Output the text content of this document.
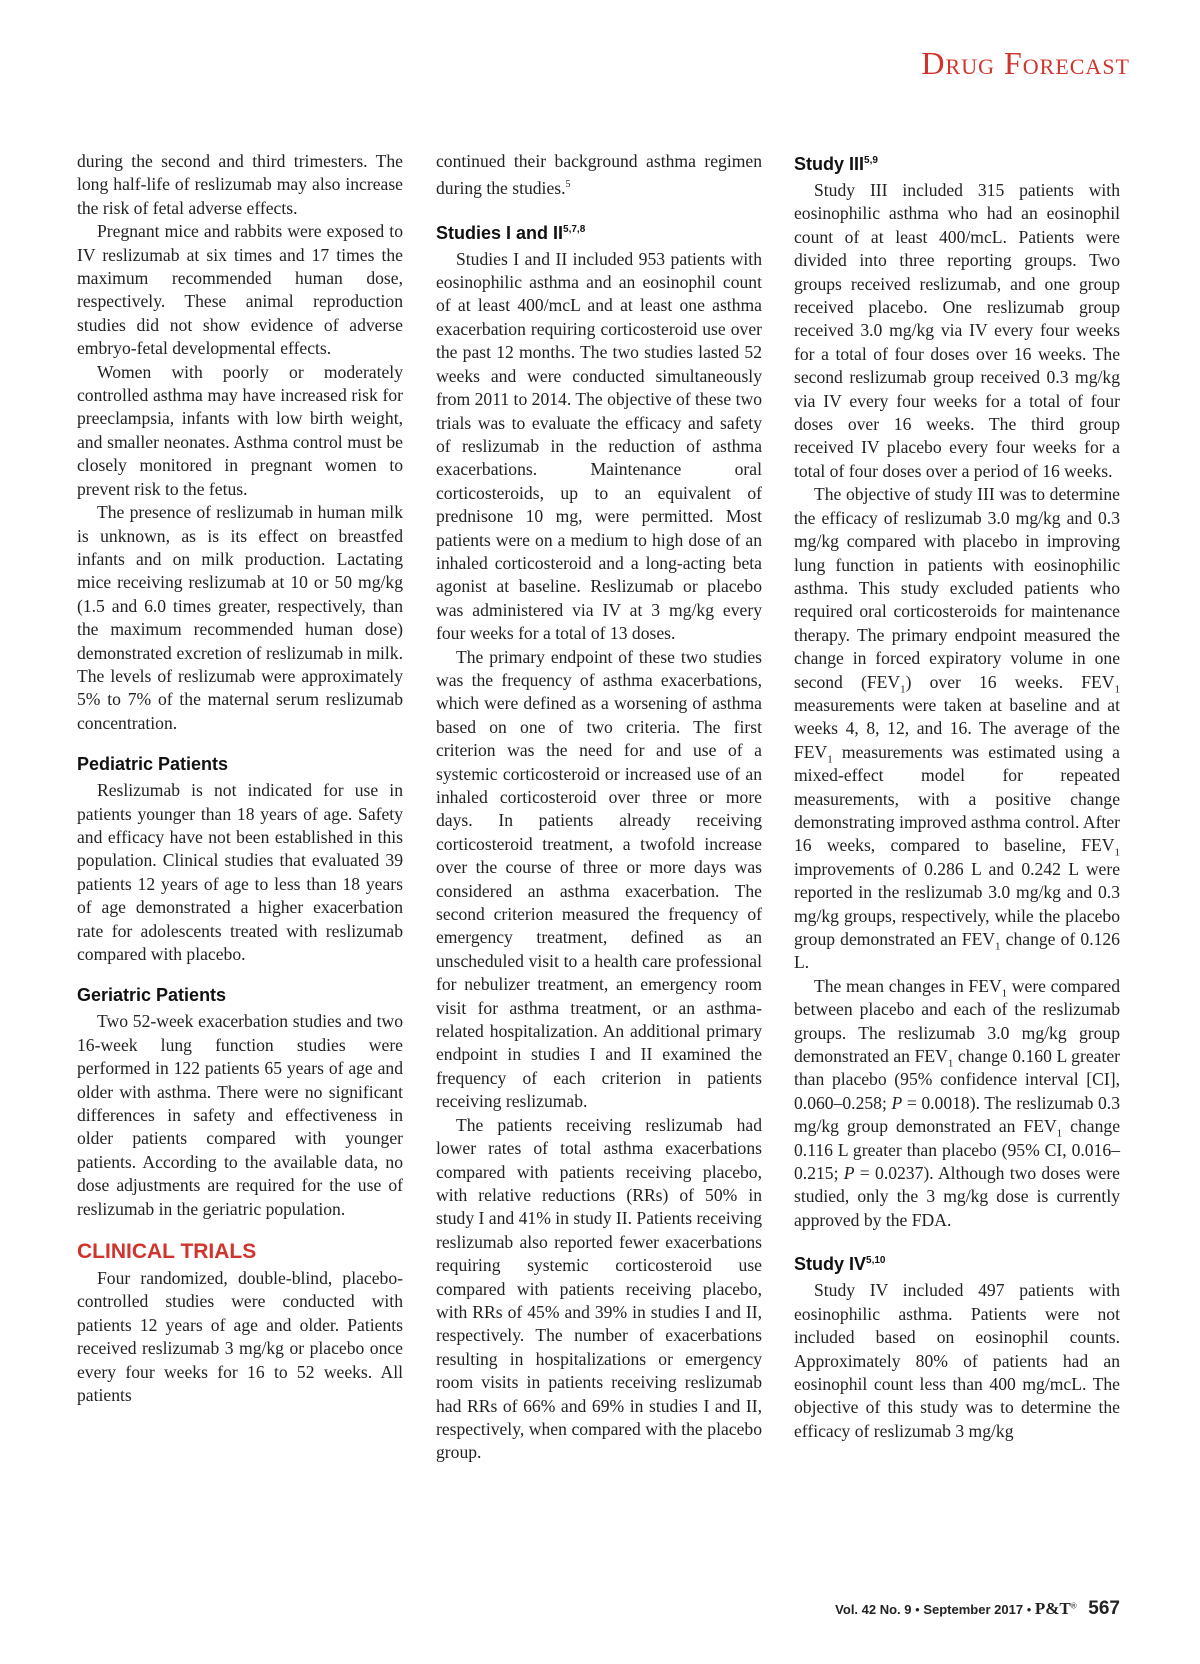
Drug Forecast

during the second and third trimesters. The long half-life of reslizumab may also increase the risk of fetal adverse effects.

Pregnant mice and rabbits were exposed to IV reslizumab at six times and 17 times the maximum recommended human dose, respectively. These animal reproduction studies did not show evidence of adverse embryo-fetal developmental effects.

Women with poorly or moderately controlled asthma may have increased risk for preeclampsia, infants with low birth weight, and smaller neonates. Asthma control must be closely monitored in pregnant women to prevent risk to the fetus.

The presence of reslizumab in human milk is unknown, as is its effect on breastfed infants and on milk production. Lactating mice receiving reslizumab at 10 or 50 mg/kg (1.5 and 6.0 times greater, respectively, than the maximum recommended human dose) demonstrated excretion of reslizumab in milk. The levels of reslizumab were approximately 5% to 7% of the maternal serum reslizumab concentration.

Pediatric Patients

Reslizumab is not indicated for use in patients younger than 18 years of age. Safety and efficacy have not been established in this population. Clinical studies that evaluated 39 patients 12 years of age to less than 18 years of age demonstrated a higher exacerbation rate for adolescents treated with reslizumab compared with placebo.

Geriatric Patients

Two 52-week exacerbation studies and two 16-week lung function studies were performed in 122 patients 65 years of age and older with asthma. There were no significant differences in safety and effectiveness in older patients compared with younger patients. According to the available data, no dose adjustments are required for the use of reslizumab in the geriatric population.

CLINICAL TRIALS

Four randomized, double-blind, placebo-controlled studies were conducted with patients 12 years of age and older. Patients received reslizumab 3 mg/kg or placebo once every four weeks for 16 to 52 weeks. All patients

continued their background asthma regimen during the studies.$^5$

Studies I and II$^{5,7,8}$

Studies I and II included 953 patients with eosinophilic asthma and an eosinophil count of at least 400/mcL and at least one asthma exacerbation requiring corticosteroid use over the past 12 months. The two studies lasted 52 weeks and were conducted simultaneously from 2011 to 2014. The objective of these two trials was to evaluate the efficacy and safety of reslizumab in the reduction of asthma exacerbations. Maintenance oral corticosteroids, up to an equivalent of prednisone 10 mg, were permitted. Most patients were on a medium to high dose of an inhaled corticosteroid and a long-acting beta agonist at baseline. Reslizumab or placebo was administered via IV at 3 mg/kg every four weeks for a total of 13 doses.

The primary endpoint of these two studies was the frequency of asthma exacerbations, which were defined as a worsening of asthma based on one of two criteria. The first criterion was the need for and use of a systemic corticosteroid or increased use of an inhaled corticosteroid over three or more days. In patients already receiving corticosteroid treatment, a twofold increase over the course of three or more days was considered an asthma exacerbation. The second criterion measured the frequency of emergency treatment, defined as an unscheduled visit to a health care professional for nebulizer treatment, an emergency room visit for asthma treatment, or an asthma-related hospitalization. An additional primary endpoint in studies I and II examined the frequency of each criterion in patients receiving reslizumab.

The patients receiving reslizumab had lower rates of total asthma exacerbations compared with patients receiving placebo, with relative reductions (RRs) of 50% in study I and 41% in study II. Patients receiving reslizumab also reported fewer exacerbations requiring systemic corticosteroid use compared with patients receiving placebo, with RRs of 45% and 39% in studies I and II, respectively. The number of exacerbations resulting in hospitalizations or emergency room visits in patients receiving reslizumab had RRs of 66% and 69% in studies I and II, respectively, when compared with the placebo group.

Study III$^{5,9}$

Study III included 315 patients with eosinophilic asthma who had an eosinophil count of at least 400/mcL. Patients were divided into three reporting groups. Two groups received reslizumab, and one group received placebo. One reslizumab group received 3.0 mg/kg via IV every four weeks for a total of four doses over 16 weeks. The second reslizumab group received 0.3 mg/kg via IV every four weeks for a total of four doses over 16 weeks. The third group received IV placebo every four weeks for a total of four doses over a period of 16 weeks.

The objective of study III was to determine the efficacy of reslizumab 3.0 mg/kg and 0.3 mg/kg compared with placebo in improving lung function in patients with eosinophilic asthma. This study excluded patients who required oral corticosteroids for maintenance therapy. The primary endpoint measured the change in forced expiratory volume in one second $(FEV_1)$ over 16 weeks. $FEV_1$ measurements were taken at baseline and at weeks 4, 8, 12, and 16. The average of the $FEV_1$ measurements was estimated using a mixed-effect model for repeated measurements, with a positive change demonstrating improved asthma control. After 16 weeks, compared to baseline, $FEV_1$ improvements of 0.286 L and 0.242 L were reported in the reslizumab 3.0 mg/kg and 0.3 mg/kg groups, respectively, while the placebo group demonstrated an $FEV_1$ change of 0.126 L.

The mean changes in $FEV_1$ were compared between placebo and each of the reslizumab groups. The reslizumab 3.0 mg/kg group demonstrated an $FEV_1$ change 0.160 L greater than placebo (95% confidence interval [CI], 0.060–0.258; P = 0.0018). The reslizumab 0.3 mg/kg group demonstrated an $FEV_1$ change 0.116 L greater than placebo (95% CI, 0.016–0.215; P = 0.0237). Although two doses were studied, only the 3 mg/kg dose is currently approved by the FDA.

Study IV$^{5,10}$

Study IV included 497 patients with eosinophilic asthma. Patients were not included based on eosinophil counts. Approximately 80% of patients had an eosinophil count less than 400 mg/mcL. The objective of this study was to determine the efficacy of reslizumab 3 mg/kg

Vol. 42 No. 9 • September 2017 • P&T® 567
